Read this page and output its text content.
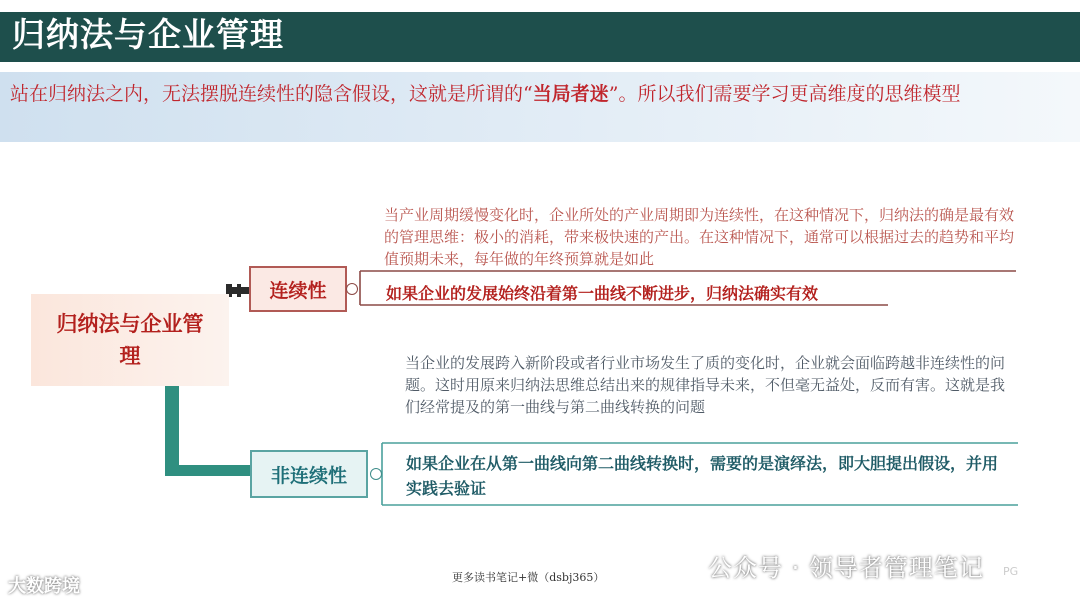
归纳法与企业管理
站在归纳法之内，无法摆脱连续性的隐含假设，这就是所谓的“当局者迷”。所以我们需要学习更高维度的思维模型
归纳法与企业管理
连续性
当产业周期缓慢变化时，企业所处的产业周期即为连续性，在这种情况下，归纳法的确是最有效的管理思维：极小的消耗，带来极快速的产出。在这种情况下，通常可以根据过去的趋势和平均值预期未来，每年做的年终预算就是如此
如果企业的发展始终沿着第一曲线不断进步，归纳法确实有效
非连续性
当企业的发展跨入新阶段或者行业市场发生了质的变化时，企业就会面临跨越非连续性的问题。这时用原来归纳法思维总结出来的规律指导未来，不但毫无益处，反而有害。这就是我们经常提及的第一曲线与第二曲线转换的问题
如果企业在从第一曲线向第二曲线转换时，需要的是演绎法，即大胆提出假设，并用实践去验证
更多读书笔记+微（dsbj365）
大数跨境
公众号 · 领导者管理笔记 PG
